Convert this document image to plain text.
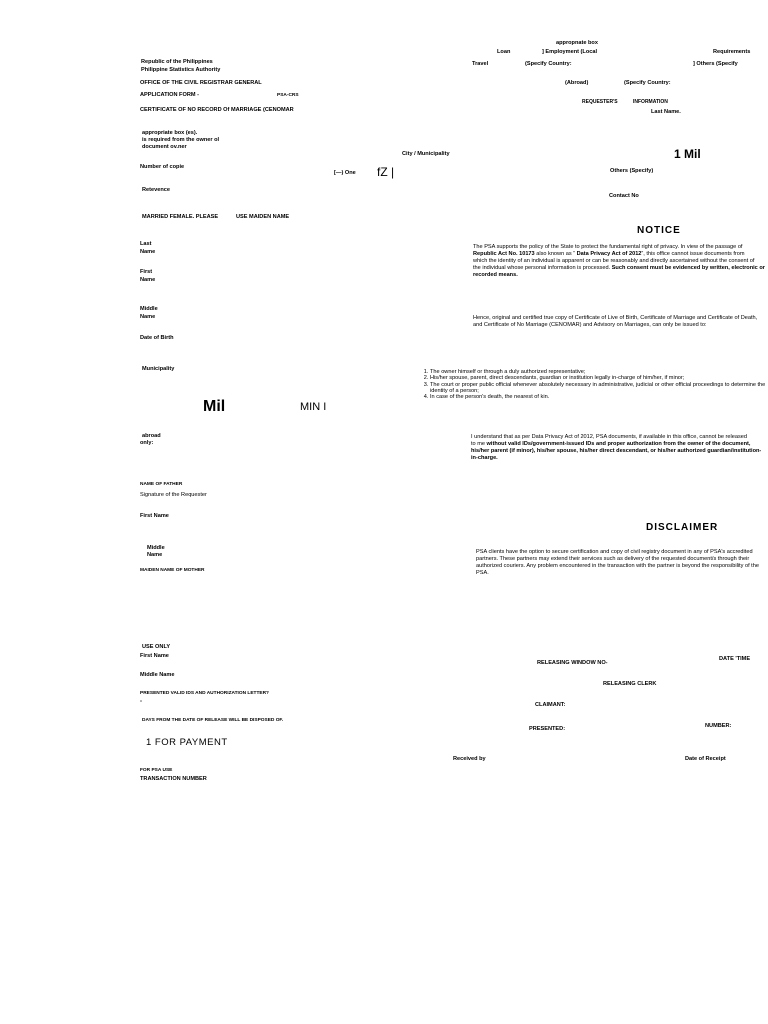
appropnate box
Loan	] Employment (Local	Requirements
Travel	(Specify Country:	] Others (Specify
(Abroad)	(Specify Country:
REQUESTER'S	INFORMATION
Last Name.
City / Municipality	1 Mil
Others (Specify)
Contact No
Republic of the Philippines
Philippine Statistics Authority
OFFICE OF THE CIVIL REGISTRAR GENERAL
APPLICATION FORM -	PSA-CRS
CERTIFICATE OF NO RECORD Of MARRIAGE (CENOMAR
appropriate box (es).
is required from the owner ol
document ov.ner
Number of copie
[—) One fZ |
Retevence
MARRIED FEMALE. PLEASE	USE MAIDEN NAME
Last
Name
First
Name
Middle
Name
Date of Birth
Municipality
Mil	MIN I
abroad
only:
NAME OF FATHER
Signature of the Requester
First Name
Middle
Name
MAIDEN NAME OF MOTHER
NOTICE

The PSA supports the policy of the State to protect the fundamental right of privacy. In view of the passage of

Republic Act No. 10173 also known as “ Data Privacy Act of 2012”, this office cannot issue documents from

which the identity of an individual is apparent or can be reasonably and directly ascertained without the consent of

the individual whose personal information is processed. Such consent must be evidenced by written, electronic or recorded means.

Hence, original and certified true copy of Certificate of Live of Birth, Certificate of Marriage and Certificate of Death,

and Certificate of No Marriage (CENOMAR) and Advisory on Marriages, can only be issued to:

1. The owner himself or through a duly authorized representative;
2. His/her spouse, parent, direct descendants, guardian or institution legally in-charge of him/her, if minor;
3. The court or proper public official whenever absolutely necessary in administrative, judicial or other official proceedings to determine the identity of a person;
4. In case of the person's death, the nearest of kin.

I understand that as per Data Privacy Act of 2012, PSA documents, if available in this office, cannot be released

to me without valid IDs/government-issued IDs and proper authorization from the owner of the document,

his/her parent (if minor), his/her spouse, his/her direct descendant, or his/her authorized guardian/institution-in-charge.

DISCLAIMER

PSA clients have the option to secure certification and copy of civil registry document in any of PSA's accredited

partners. These partners may extend their services such as delivery of the requested document/s through their

authorized couriers. Any problem encountered in the transaction with the partner is beyond the responsibility of the

PSA.

USE ONLY
First Name
Middle Name
PRESENTED VALID IDS AND AUTHORIZATION LETTER?
°
DAYS FROM THE DATE OF RELEASE WILL BE DISPOSED OF.
1 FOR PAYMENT
FOR PSA USE
TRANSACTION NUMBER
RELEASING WINDOW NO-
DATE 'TIME
RELEASING CLERK
CLAIMANT:
PRESENTED:	NUMBER:
Received by	Date of Receipt
